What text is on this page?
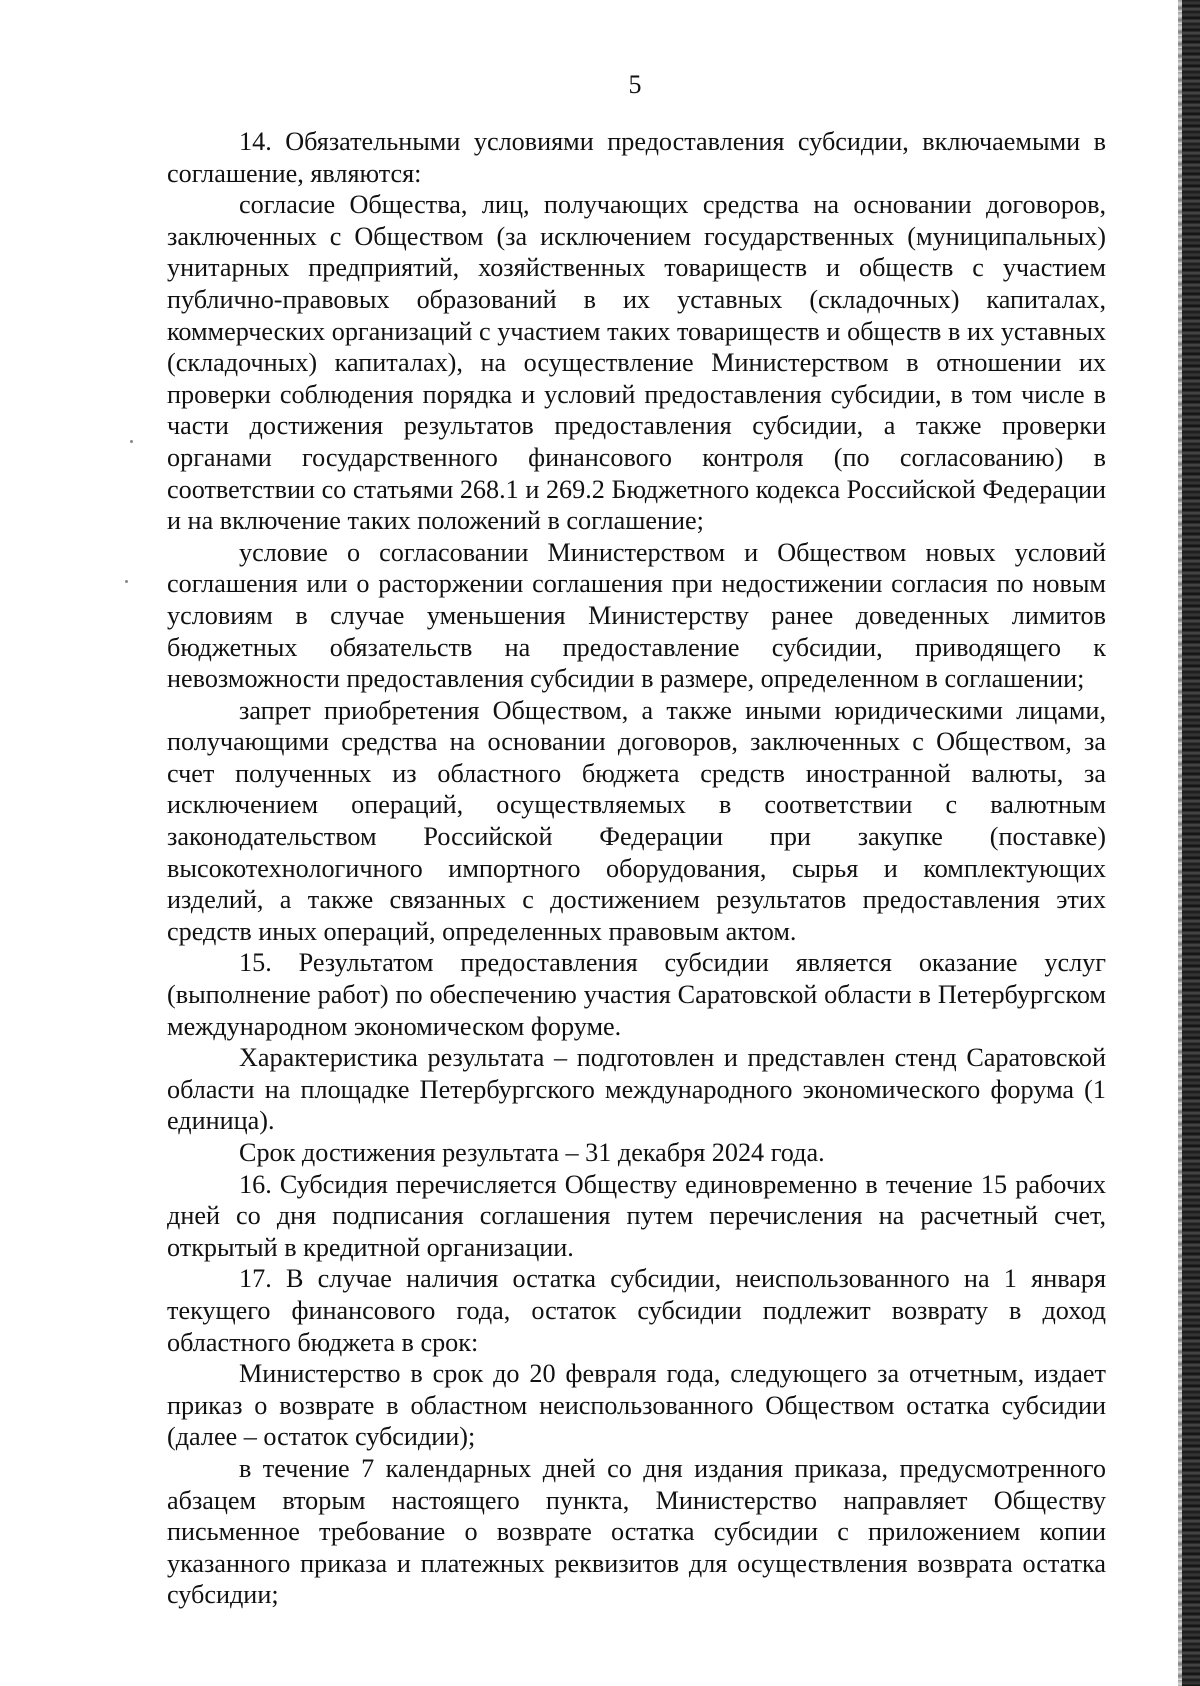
5

14. Обязательными условиями предоставления субсидии, включаемыми в соглашение, являются:

согласие Общества, лиц, получающих средства на основании договоров, заключенных с Обществом (за исключением государственных (муниципальных) унитарных предприятий, хозяйственных товариществ и обществ с участием публично-правовых образований в их уставных (складочных) капиталах, коммерческих организаций с участием таких товариществ и обществ в их уставных (складочных) капиталах), на осуществление Министерством в отношении их проверки соблюдения порядка и условий предоставления субсидии, в том числе в части достижения результатов предоставления субсидии, а также проверки органами государственного финансового контроля (по согласованию) в соответствии со статьями 268.1 и 269.2 Бюджетного кодекса Российской Федерации и на включение таких положений в соглашение;

условие о согласовании Министерством и Обществом новых условий соглашения или о расторжении соглашения при недостижении согласия по новым условиям в случае уменьшения Министерству ранее доведенных лимитов бюджетных обязательств на предоставление субсидии, приводящего к невозможности предоставления субсидии в размере, определенном в соглашении;

запрет приобретения Обществом, а также иными юридическими лицами, получающими средства на основании договоров, заключенных с Обществом, за счет полученных из областного бюджета средств иностранной валюты, за исключением операций, осуществляемых в соответствии с валютным законодательством Российской Федерации при закупке (поставке) высокотехнологичного импортного оборудования, сырья и комплектующих изделий, а также связанных с достижением результатов предоставления этих средств иных операций, определенных правовым актом.

15. Результатом предоставления субсидии является оказание услуг (выполнение работ) по обеспечению участия Саратовской области в Петербургском международном экономическом форуме.

Характеристика результата – подготовлен и представлен стенд Саратовской области на площадке Петербургского международного экономического форума (1 единица).

Срок достижения результата – 31 декабря 2024 года.

16. Субсидия перечисляется Обществу единовременно в течение 15 рабочих дней со дня подписания соглашения путем перечисления на расчетный счет, открытый в кредитной организации.

17. В случае наличия остатка субсидии, неиспользованного на 1 января текущего финансового года, остаток субсидии подлежит возврату в доход областного бюджета в срок:

Министерство в срок до 20 февраля года, следующего за отчетным, издает приказ о возврате в областном неиспользованного Обществом остатка субсидии (далее – остаток субсидии);

в течение 7 календарных дней со дня издания приказа, предусмотренного абзацем вторым настоящего пункта, Министерство направляет Обществу письменное требование о возврате остатка субсидии с приложением копии указанного приказа и платежных реквизитов для осуществления возврата остатка субсидии;
